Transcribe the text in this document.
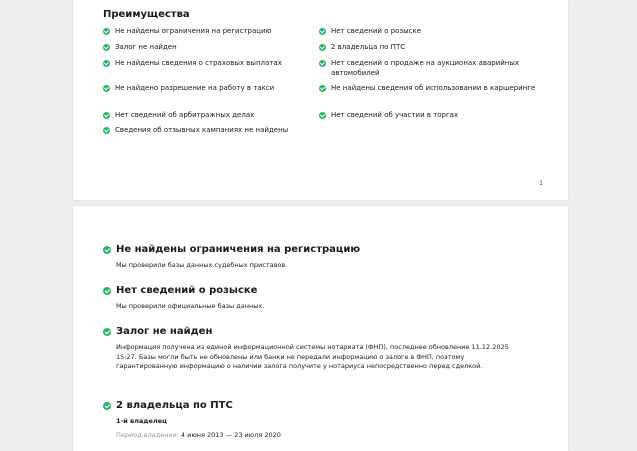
Преимущества
Не найдены ограничения на регистрацию
Залог не найден
Не найдены сведения о страховых выплатах
Не найдено разрешение на работу в такси
Нет сведений об арбитражных делах
Сведения об отзывных кампаниях не найдены
Нет сведений о розыске
2 владельца по ПТС
Нет сведений о продаже на аукционах аварийных автомобилей
Не найдены сведения об использовании в каршеринге
Нет сведений об участии в торгах
1
Не найдены ограничения на регистрацию

Мы проверили базы данных судебных приставов.

Нет сведений о розыске

Мы проверили официальные базы данных.

Залог не найден

Информация получена из единой информационной системы нотариата (ФНП), последнее обновление 11.12.2025 15:27. Базы могли быть не обновлены или банки не передали информацию о залоге в ФНП, поэтому гарантированную информацию о наличии залога получите у нотариуса непосредственно перед сделкой.

2 владельца по ПТС
1-й владелец
Период владения: 4 июня 2013 — 23 июля 2020
